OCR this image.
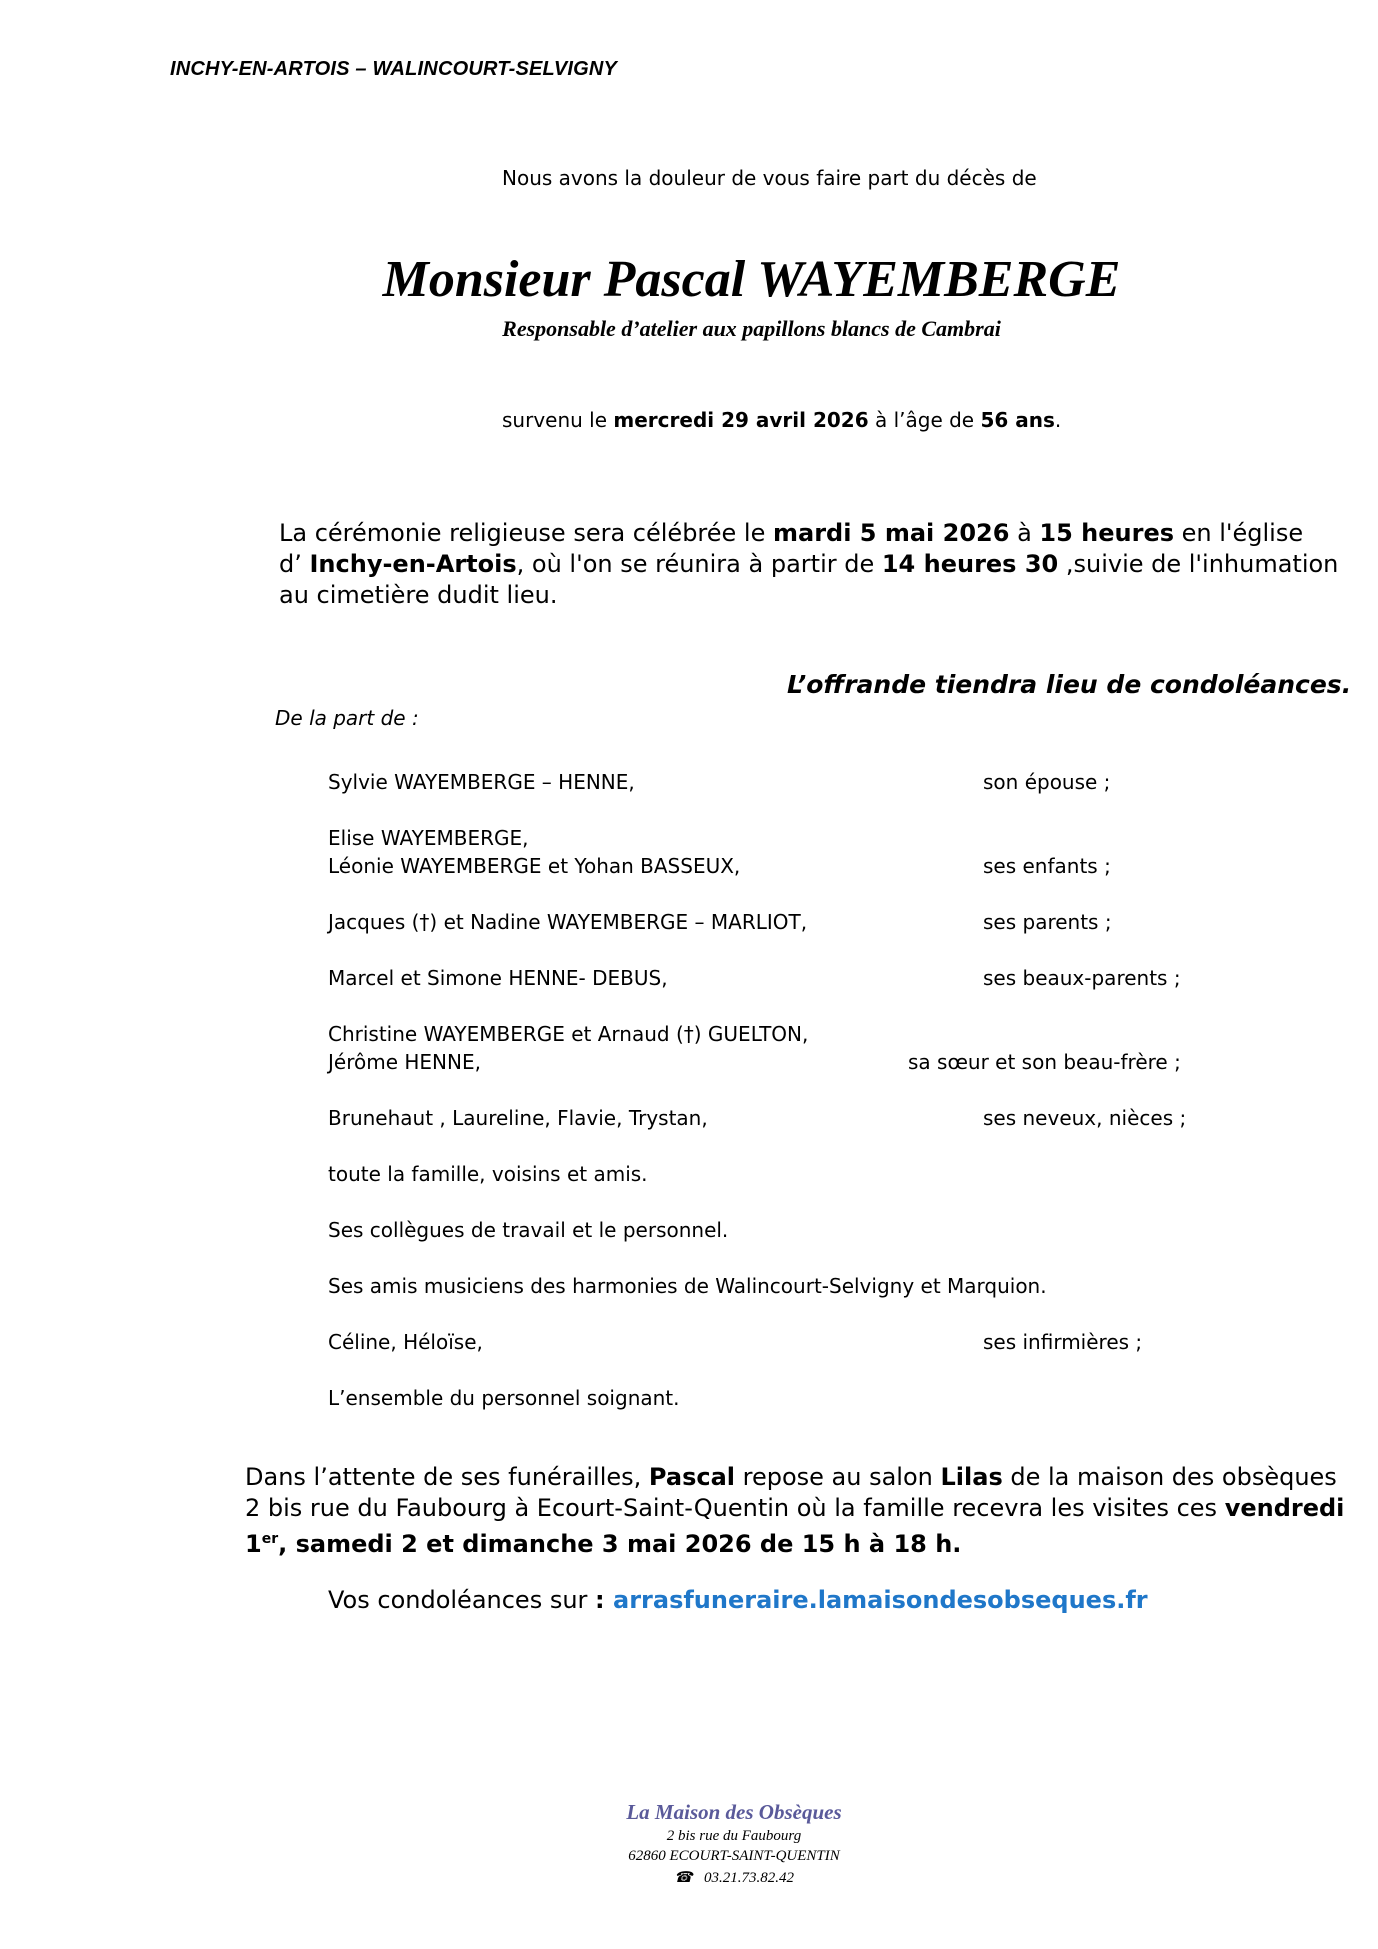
INCHY-EN-ARTOIS – WALINCOURT-SELVIGNY
Nous avons la douleur de vous faire part du décès de
Monsieur Pascal WAYEMBERGE
Responsable d’atelier aux papillons blancs de Cambrai
survenu le mercredi 29 avril 2026 à l’âge de 56 ans.
La cérémonie religieuse sera célébrée le mardi 5 mai 2026 à 15 heures en l'église
d’ Inchy-en-Artois, où l'on se réunira à partir de 14 heures 30 ,suivie de l'inhumation
au cimetière dudit lieu.
L’offrande tiendra lieu de condoléances.
De la part de :
Sylvie WAYEMBERGE – HENNE,	son épouse ;
Elise WAYEMBERGE,
Léonie WAYEMBERGE et Yohan BASSEUX,	ses enfants ;
Jacques (†) et Nadine WAYEMBERGE – MARLIOT,	ses parents ;
Marcel et Simone HENNE- DEBUS,	ses beaux-parents ;
Christine WAYEMBERGE et Arnaud (†) GUELTON,
Jérôme HENNE,	sa sœur et son beau-frère ;
Brunehaut , Laureline, Flavie, Trystan,	ses neveux, nièces ;
toute la famille, voisins et amis.
Ses collègues de travail et le personnel.
Ses amis musiciens des harmonies de Walincourt-Selvigny et Marquion.
Céline, Héloïse,	ses infirmières ;
L’ensemble du personnel soignant.
Dans l’attente de ses funérailles, Pascal repose au salon Lilas de la maison des obsèques
2 bis rue du Faubourg à Ecourt-Saint-Quentin où la famille recevra les visites ces vendredi
1er, samedi 2 et dimanche 3 mai 2026 de 15 h à 18 h.
Vos condoléances sur : arrasfuneraire.lamaisondesobseques.fr
La Maison des Obsèques
2 bis rue du Faubourg
62860 ECOURT-SAINT-QUENTIN
☎ 03.21.73.82.42
